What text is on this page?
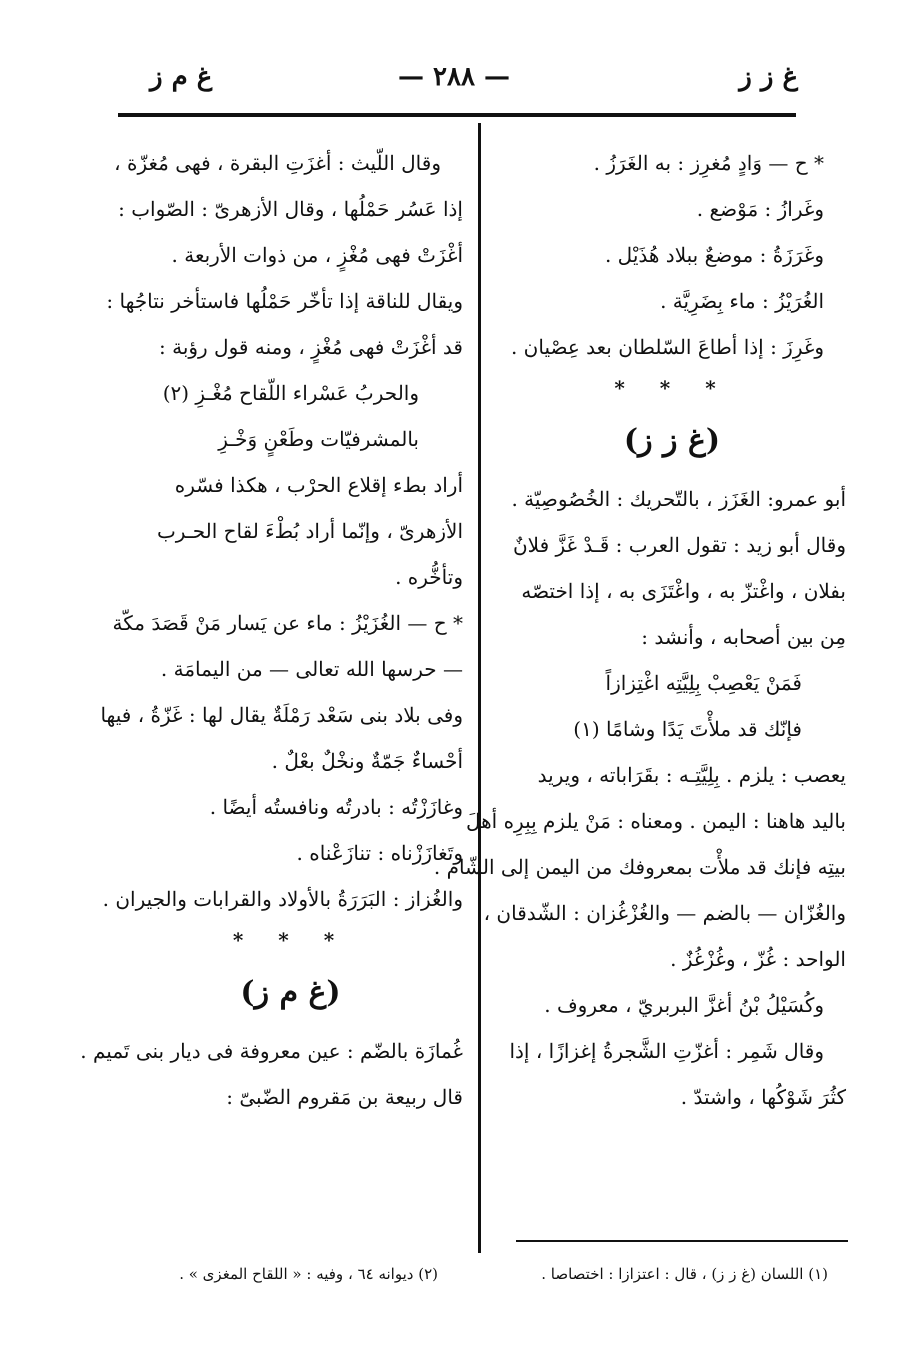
غ ز ز
— ٢٨٨ —
غ م ز
* ح — وَادٍ مُغرِز : به الغَرَزُ .
وغَرازُ : مَوْضع .
وغَرَزَةُ : موضعٌ ببلاد هُذَيْل .
الغُرَيْزُ : ماء بِضَرِيَّة .
وغَرِزَ : إذا أطاعَ السّلطان بعد عِصْيان .
* * *
(غ ز ز)
أبو عمرو: الغَزَز ، بالتّحريك : الخُصُوصِيّة .
وقال أبو زيد : تقول العرب : قَـدْ غَزَّ فلانٌ
بفلان ، واغْتزّ به ، واغْتَزَى به ، إذا اختصّه
مِن بين أصحابه ، وأنشد :
فَمَنْ يَعْصِبْ بِلِيَّتِه اغْتِزازاً
فإنّك قد ملأْتَ يَدًا وشامًا (١)
يعصب : يلزم . بِلِيَّتِـه : بقَرَاباته ، ويريد
باليد هاهنا : اليمن . ومعناه : مَنْ يلزم بِبِرِه أهلَ
بيتِه فإنك قد ملأْت بمعروفك من اليمن إلى الشّام .
والغُزّان — بالضم — والغُزْغُزان : الشّدقان ،
الواحد : غُزّ ، وغُزْغُزٌ .
وكُسَيْلُ بْنُ أغزَّ البربريّ ، معروف .
وقال شَمِر : أغزّتِ الشَّجرةُ إغزازًا ، إذا
كثُرَ شَوْكُها ، واشتدّ .
وقال اللّيث : أغزَتِ البقرة ، فهى مُغزّة ،
إذا عَسُر حَمْلُها ، وقال الأزهرىّ : الصّواب :
أغْزَتْ فهى مُغْزٍ ، من ذوات الأربعة .
ويقال للناقة إذا تأخّر حَمْلُها فاستأخر نتاجُها :
قد أغْزَتْ فهى مُغْزٍ ، ومنه قول رؤبة :
والحربُ عَسْراء اللّقاح مُغْـزِ (٢)
بالمشرفيّات وطَعْنٍ وَخْـزِ
أراد بطء إقلاع الحرْب ، هكذا فسّره
الأزهرىّ ، وإنّما أراد بُطْءَ لقاح الحـرب
وتأخُّره .
* ح — الغُزَيْزُ : ماء عن يَسار مَنْ قَصَدَ مكّة
— حرسها الله تعالى — من اليمامَة .
وفى بلاد بنى سَعْد رَمْلَةٌ يقال لها : غَزّةُ ، فيها
أحْساءٌ جَمّةٌ ونخْلٌ بعْلٌ .
وغازَزْتُه : بادرتُه ونافستُه أيضًا .
وتَغازَزْناه : تنازَعْناه .
والغُزاز : البَرَرَةُ بالأولاد والقرابات والجيران .
* * *
(غ م ز)
غُمازَة بالضّم : عين معروفة فى ديار بنى تَميم .
قال ربيعة بن مَقروم الضّبىّ :
(١) اللسان (غ ز ز) ، قال : اعتزازا : اختصاصا .
(٢) ديوانه ٦٤ ، وفيه : « اللقاح المغزى » .
